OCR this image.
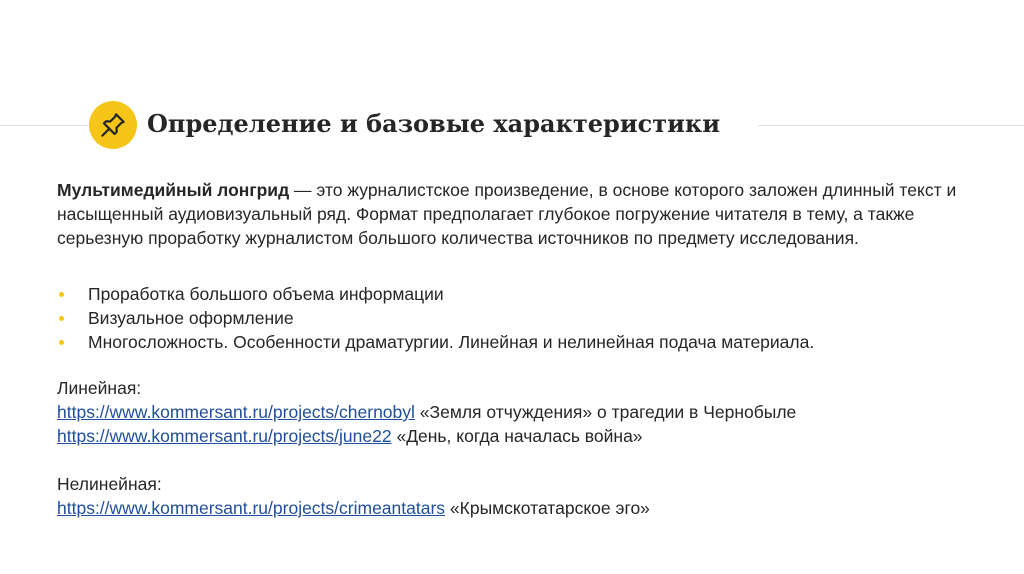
Определение и базовые характеристики

Мультимедийный лонгрид — это журналистское произведение, в основе которого заложен длинный текст и насыщенный аудиовизуальный ряд. Формат предполагает глубокое погружение читателя в тему, а также серьезную проработку журналистом большого количества источников по предмету исследования.

Проработка большого объема информации
Визуальное оформление
Многосложность. Особенности драматургии. Линейная и нелинейная подача материала.
Линейная:
https://www.kommersant.ru/projects/chernobyl «Земля отчуждения» о трагедии в Чернобыле
https://www.kommersant.ru/projects/june22 «День, когда началась война»
Нелинейная:
https://www.kommersant.ru/projects/crimeantatars «Крымскотатарское эго»
